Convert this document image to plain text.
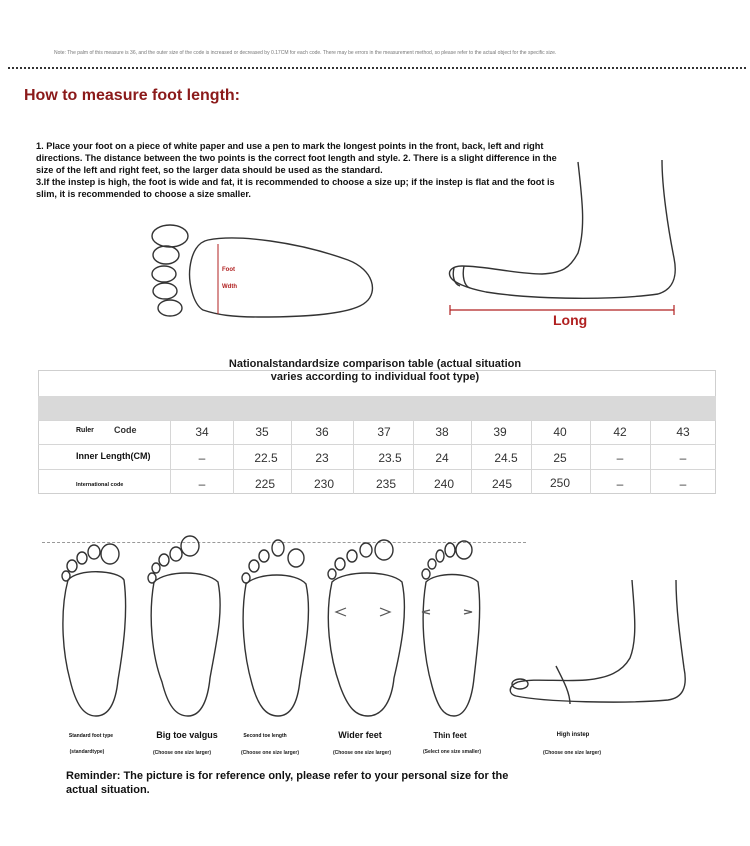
Note: The palm of this measure is 36, and the outer size of the code is increased or decreased by 0.17CM for each code. There may be errors in the measurement method, so please refer to the actual object for the specific size.
How to measure foot length:
1. Place your foot on a piece of white paper and use a pen to mark the longest points in the front, back, left and right directions. The distance between the two points is the correct foot length and style. 2. There is a slight difference in the size of the left and right feet, so the larger data should be used as the standard.
3.If the instep is high, the foot is wide and fat, it is recommended to choose a size up; if the instep is flat and the foot is slim, it is recommended to choose a size smaller.
Foot
Wdth
Long
Nationalstandardsize comparison table (actual situation varies according to individual foot type)
Ruler Code	34	35	36	37	38	39	40	42	43
Inner Length(CM)	–	22.5	23	23.5	24	24.5	25	–	–
International code	–	225	230	235	240	245	250	–	–
Standard foot type
(standardtype)
Big toe valgus
(Choose one size larger)
Second toe length
(Choose one size larger)
Wider feet
(Choose one size larger)
Thin feet
(Select one size smaller)
High instep
(Choose one size larger)
Reminder: The picture is for reference only, please refer to your personal size for the actual situation.
